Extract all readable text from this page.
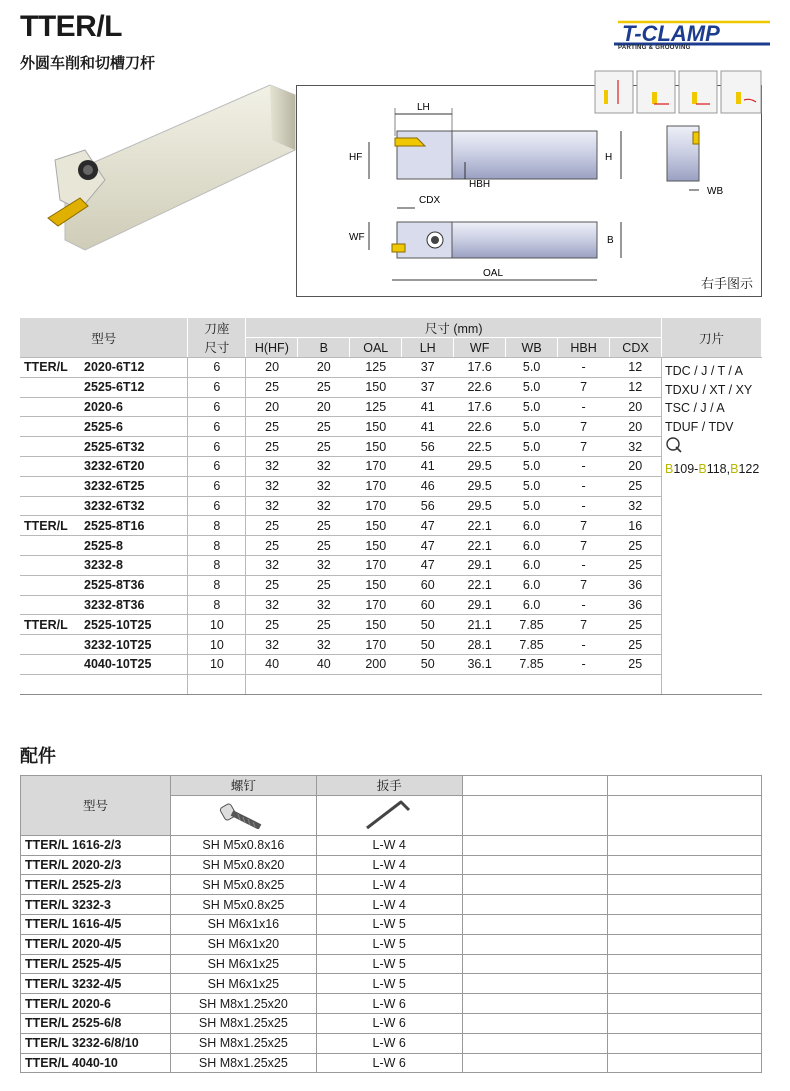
TTER/L
外圆车削和切槽刀杆
T-CLAMP
PARTING & GROOVING
LH
HF	H
HBH
CDX
WF	B
OAL
WB
右手图示
型号	刀座	尺寸 (mm)								刀片
	尺寸	H(HF)	B	OAL	LH	WF	WB	HBH	CDX	
TTER/L 2020-6T12	6	20	20	125	37	17.6	5.0	-	12	TDC / J / T / A
TDXU / XT / XY
TSC / J / A
TDUF / TDV
B109-B118,B122

2525-6T12	6	25	25	150	37	22.6	5.0	7	12	
2020-6	6	20	20	125	41	17.6	5.0	-	20	
2525-6	6	25	25	150	41	22.6	5.0	7	20	
2525-6T32	6	25	25	150	56	22.5	5.0	7	32	
3232-6T20	6	32	32	170	41	29.5	5.0	-	20	
3232-6T25	6	32	32	170	46	29.5	5.0	-	25	
3232-6T32	6	32	32	170	56	29.5	5.0	-	32	
TTER/L 2525-8T16	8	25	25	150	47	22.1	6.0	7	16	
2525-8	8	25	25	150	47	22.1	6.0	7	25	
3232-8	8	32	32	170	47	29.1	6.0	-	25	
2525-8T36	8	25	25	150	60	22.1	6.0	7	36	
3232-8T36	8	32	32	170	60	29.1	6.0	-	36	
TTER/L 2525-10T25	10	25	25	150	50	21.1	7.85	7	25	
3232-10T25	10	32	32	170	50	28.1	7.85	-	25	
4040-10T25	10	40	40	200	50	36.1	7.85	-	25	

配件
型号	螺钉	扳手		

TTER/L 1616-2/3	SH M5x0.8x16	L-W 4		
TTER/L 2020-2/3	SH M5x0.8x20	L-W 4		
TTER/L 2525-2/3	SH M5x0.8x25	L-W 4		
TTER/L 3232-3	SH M5x0.8x25	L-W 4		
TTER/L 1616-4/5	SH M6x1x16	L-W 5		
TTER/L 2020-4/5	SH M6x1x20	L-W 5		
TTER/L 2525-4/5	SH M6x1x25	L-W 5		
TTER/L 3232-4/5	SH M6x1x25	L-W 5		
TTER/L 2020-6	SH M8x1.25x20	L-W 6		
TTER/L 2525-6/8	SH M8x1.25x25	L-W 6		
TTER/L 3232-6/8/10	SH M8x1.25x25	L-W 6		
TTER/L 4040-10	SH M8x1.25x25	L-W 6		
